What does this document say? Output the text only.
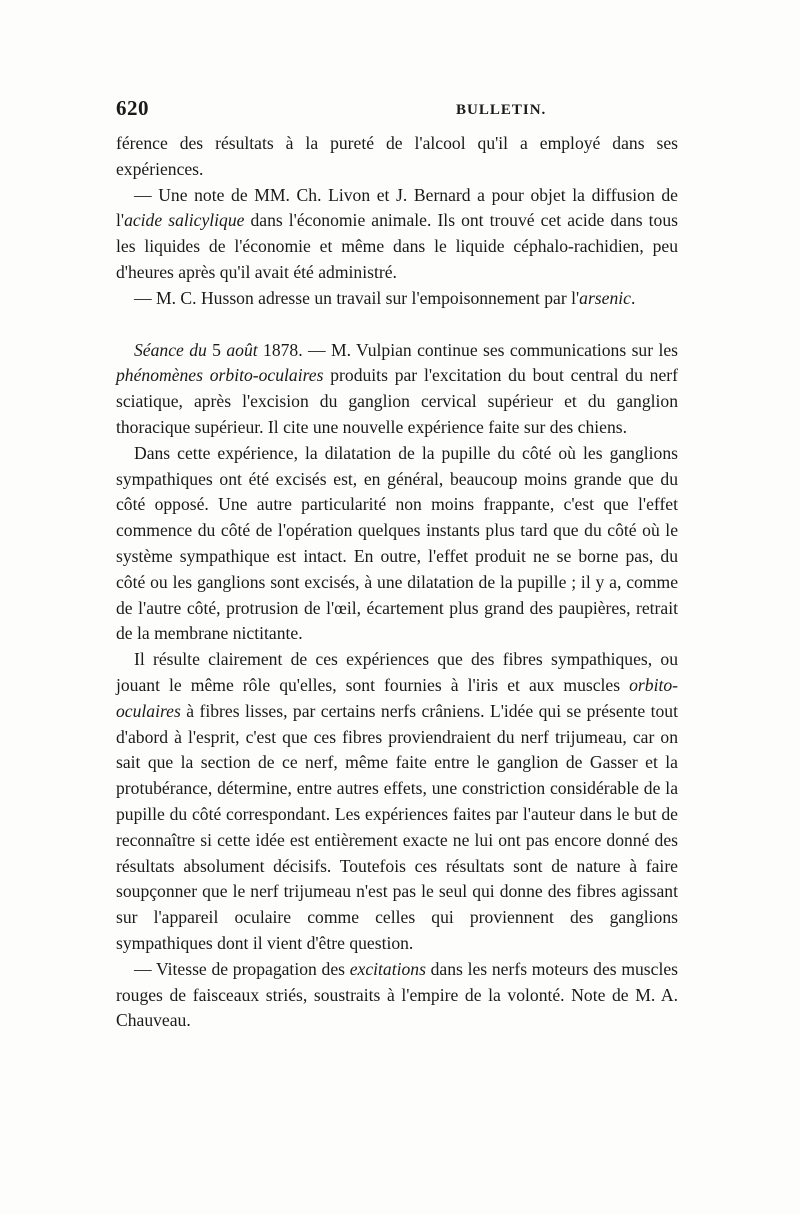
620	BULLETIN.

férence des résultats à la pureté de l'alcool qu'il a employé dans ses expériences.

— Une note de MM. Ch. Livon et J. Bernard a pour objet la diffusion de l'acide salicylique dans l'économie animale. Ils ont trouvé cet acide dans tous les liquides de l'économie et même dans le liquide céphalo-rachidien, peu d'heures après qu'il avait été administré.

— M. C. Husson adresse un travail sur l'empoisonnement par l'arsenic.

Séance du 5 août 1878. — M. Vulpian continue ses communications sur les phénomènes orbito-oculaires produits par l'excitation du bout central du nerf sciatique, après l'excision du ganglion cervical supérieur et du ganglion thoracique supérieur. Il cite une nouvelle expérience faite sur des chiens.

Dans cette expérience, la dilatation de la pupille du côté où les ganglions sympathiques ont été excisés est, en général, beaucoup moins grande que du côté opposé. Une autre particularité non moins frappante, c'est que l'effet commence du côté de l'opération quelques instants plus tard que du côté où le système sympathique est intact. En outre, l'effet produit ne se borne pas, du côté ou les ganglions sont excisés, à une dilatation de la pupille ; il y a, comme de l'autre côté, protrusion de l'œil, écartement plus grand des paupières, retrait de la membrane nictitante.

Il résulte clairement de ces expériences que des fibres sympathiques, ou jouant le même rôle qu'elles, sont fournies à l'iris et aux muscles orbito-oculaires à fibres lisses, par certains nerfs crâniens. L'idée qui se présente tout d'abord à l'esprit, c'est que ces fibres proviendraient du nerf trijumeau, car on sait que la section de ce nerf, même faite entre le ganglion de Gasser et la protubérance, détermine, entre autres effets, une constriction considérable de la pupille du côté correspondant. Les expériences faites par l'auteur dans le but de reconnaître si cette idée est entièrement exacte ne lui ont pas encore donné des résultats absolument décisifs. Toutefois ces résultats sont de nature à faire soupçonner que le nerf trijumeau n'est pas le seul qui donne des fibres agissant sur l'appareil oculaire comme celles qui proviennent des ganglions sympathiques dont il vient d'être question.

— Vitesse de propagation des excitations dans les nerfs moteurs des muscles rouges de faisceaux striés, soustraits à l'empire de la volonté. Note de M. A. Chauveau.
